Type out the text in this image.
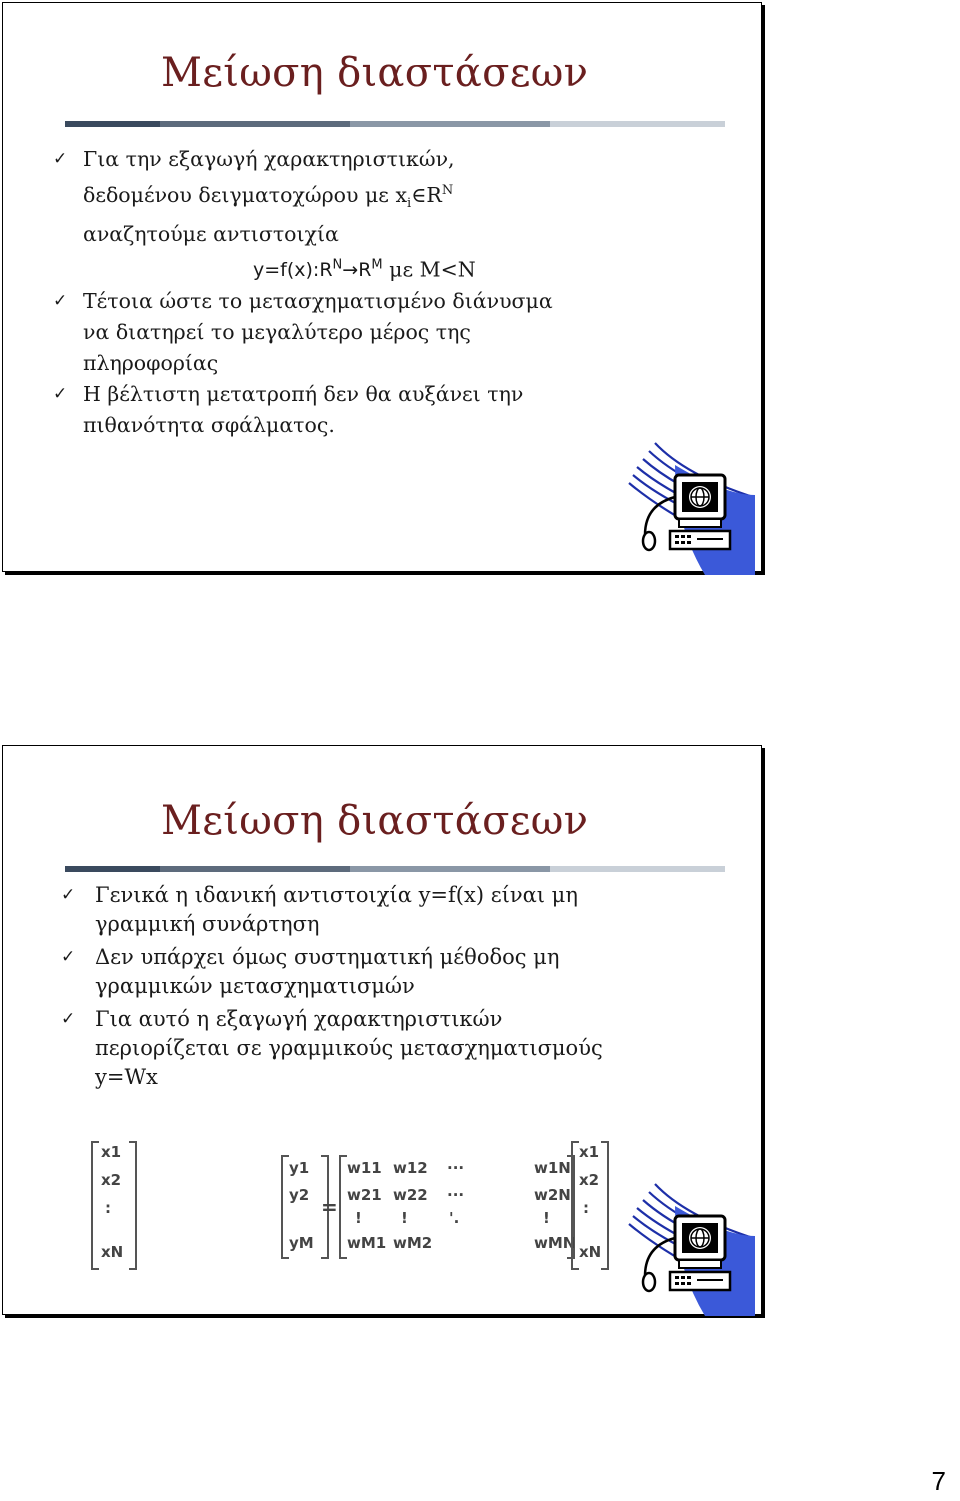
Μείωση διαστάσεων
✓ Για την εξαγωγή χαρακτηριστικών,
δεδομένου δειγματοχώρου με $x_i\in R^N$
αναζητούμε αντιστοιχία
$y=f(x):R^N\to R^M$ με M<N
✓ Τέτοια ώστε το μετασχηματισμένο διάνυσμα
να διατηρεί το μεγαλύτερο μέρος της
πληροφορίας
✓ Η βέλτιστη μετατροπή δεν θα αυξάνει την
πιθανότητα σφάλματος.
Μείωση διαστάσεων
✓ Γενικά η ιδανική αντιστοιχία y=f(x) είναι μη
γραμμική συνάρτηση
✓ Δεν υπάρχει όμως συστηματική μέθοδος μη
γραμμικών μετασχηματισμών
✓ Για αυτό η εξαγωγή χαρακτηριστικών
περιορίζεται σε γραμμικούς μετασχηματισμούς
y=Wx
x1
x2
:
xN
y1
y2
yM
=
w11 w12 ...	w1N
w21 w22 ...	w2N
!	!	'.	!
wM1 wM2	wMN
x1
x2
:
xN
7
